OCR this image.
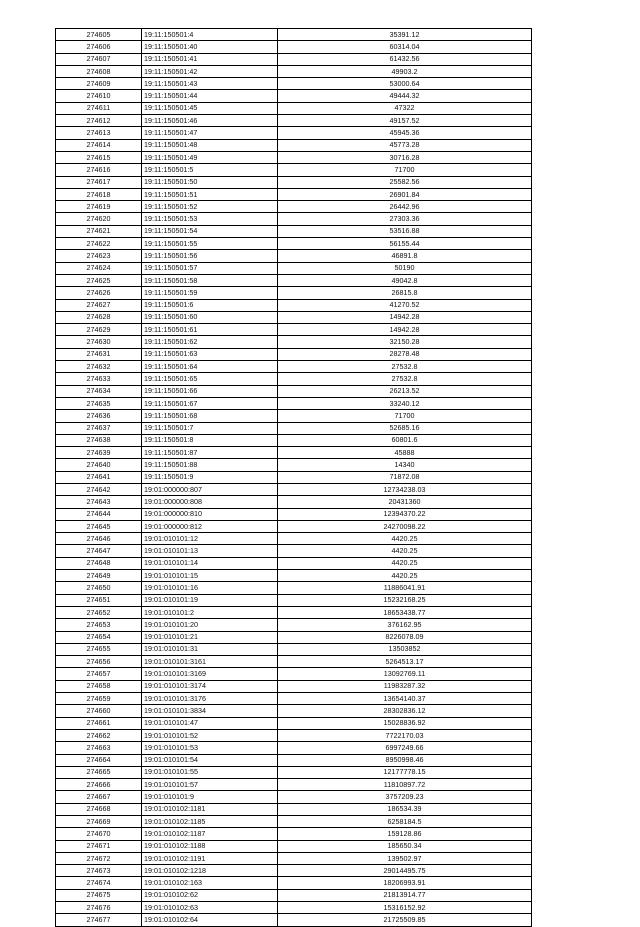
274605	19:11:150501:4	35391.12
274606	19:11:150501:40	60314.04
274607	19:11:150501:41	61432.56
274608	19:11:150501:42	49903.2
274609	19:11:150501:43	53000.64
274610	19:11:150501:44	49444.32
274611	19:11:150501:45	47322
274612	19:11:150501:46	49157.52
274613	19:11:150501:47	45945.36
274614	19:11:150501:48	45773.28
274615	19:11:150501:49	30716.28
274616	19:11:150501:5	71700
274617	19:11:150501:50	25582.56
274618	19:11:150501:51	26901.84
274619	19:11:150501:52	26442.96
274620	19:11:150501:53	27303.36
274621	19:11:150501:54	53516.88
274622	19:11:150501:55	56155.44
274623	19:11:150501:56	46891.8
274624	19:11:150501:57	50190
274625	19:11:150501:58	49042.8
274626	19:11:150501:59	26815.8
274627	19:11:150501:6	41270.52
274628	19:11:150501:60	14942.28
274629	19:11:150501:61	14942.28
274630	19:11:150501:62	32150.28
274631	19:11:150501:63	28278.48
274632	19:11:150501:64	27532.8
274633	19:11:150501:65	27532.8
274634	19:11:150501:66	26213.52
274635	19:11:150501:67	33240.12
274636	19:11:150501:68	71700
274637	19:11:150501:7	52685.16
274638	19:11:150501:8	60801.6
274639	19:11:150501:87	45888
274640	19:11:150501:88	14340
274641	19:11:150501:9	71872.08
274642	19:01:000000:807	12734238.03
274643	19:01:000000:808	20431360
274644	19:01:000000:810	12394370.22
274645	19:01:000000:812	24270098.22
274646	19:01:010101:12	4420.25
274647	19:01:010101:13	4420.25
274648	19:01:010101:14	4420.25
274649	19:01:010101:15	4420.25
274650	19:01:010101:16	11886041.91
274651	19:01:010101:19	15232168.25
274652	19:01:010101:2	18653438.77
274653	19:01:010101:20	376162.95
274654	19:01:010101:21	8226078.09
274655	19:01:010101:31	13503852
274656	19:01:010101:3161	5264513.17
274657	19:01:010101:3169	13092769.11
274658	19:01:010101:3174	11983287.32
274659	19:01:010101:3176	13654140.37
274660	19:01:010101:3834	28302836.12
274661	19:01:010101:47	15028836.92
274662	19:01:010101:52	7722170.03
274663	19:01:010101:53	6997249.66
274664	19:01:010101:54	8950998.46
274665	19:01:010101:55	12177778.15
274666	19:01:010101:57	11810897.72
274667	19:01:010101:9	3757209.23
274668	19:01:010102:1181	186534.39
274669	19:01:010102:1185	6258184.5
274670	19:01:010102:1187	159128.86
274671	19:01:010102:1188	185650.34
274672	19:01:010102:1191	139502.97
274673	19:01:010102:1218	29014495.75
274674	19:01:010102:163	18206993.91
274675	19:01:010102:62	21813914.77
274676	19:01:010102:63	15316152.92
274677	19:01:010102:64	21725509.85
